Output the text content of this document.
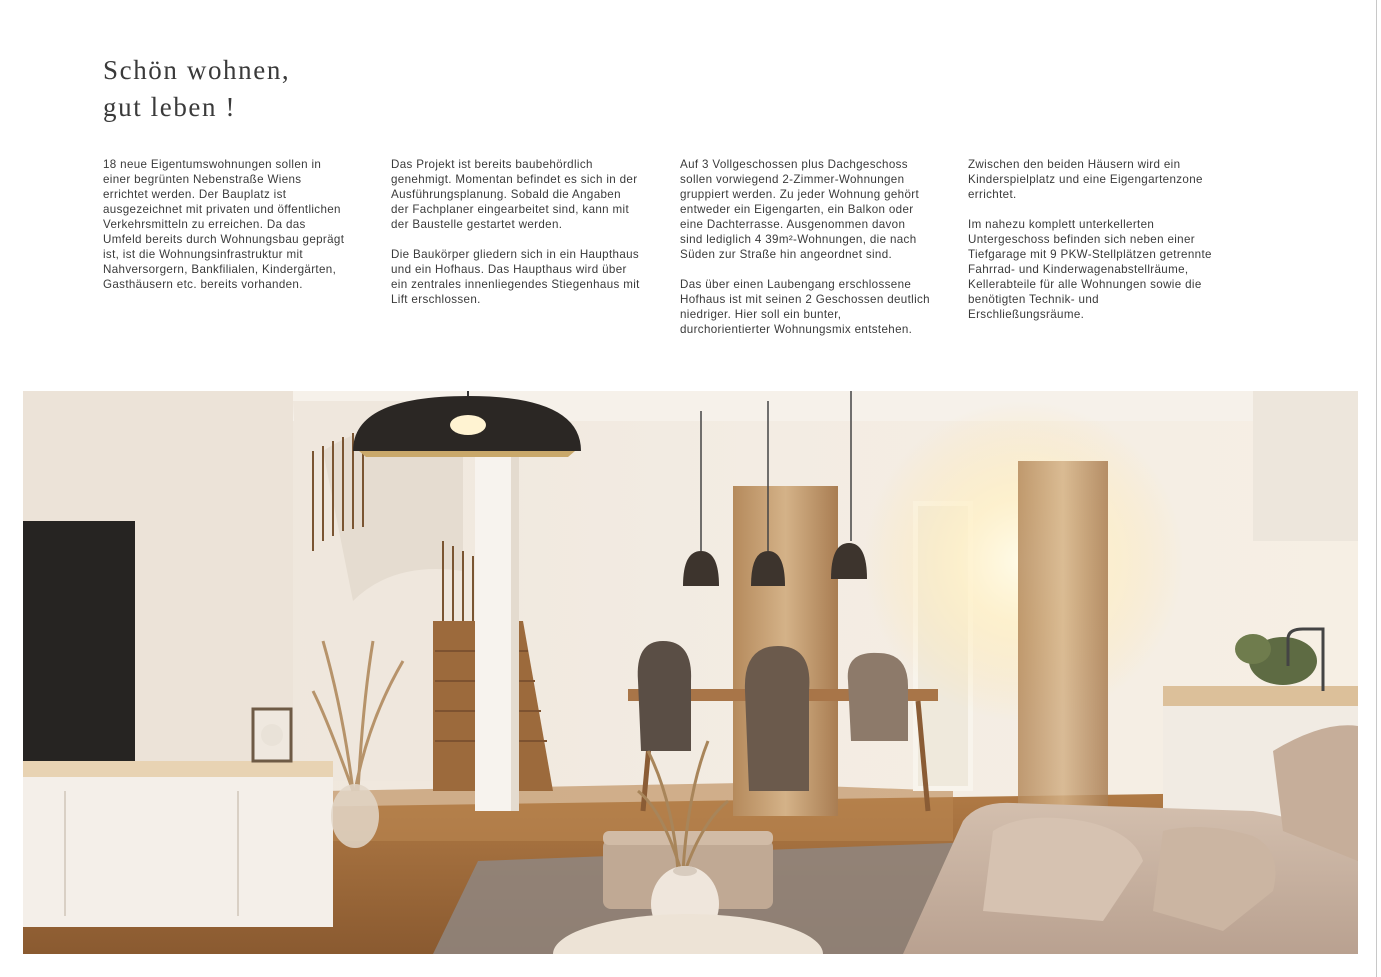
Schön wohnen,
gut leben !

18 neue Eigentumswohnungen sollen in einer begrünten Nebenstraße Wiens errichtet werden. Der Bauplatz ist ausgezeichnet mit privaten und öffentlichen Verkehrsmitteln zu erreichen. Da das Umfeld bereits durch Wohnungsbau geprägt ist, ist die Wohnungsinfrastruktur mit Nahversorgern, Bankfilialen, Kindergärten, Gasthäusern etc. bereits vorhanden.

Das Projekt ist bereits baubehördlich genehmigt. Momentan befindet es sich in der Ausführungsplanung. Sobald die Angaben der Fachplaner eingearbeitet sind, kann mit der Baustelle gestartet werden.

Die Baukörper gliedern sich in ein Haupthaus und ein Hofhaus. Das Haupthaus wird über ein zentrales innenliegendes Stiegenhaus mit Lift erschlossen.

Auf 3 Vollgeschossen plus Dachgeschoss sollen vorwiegend 2-Zimmer-Wohnungen gruppiert werden. Zu jeder Wohnung gehört entweder ein Eigengarten, ein Balkon oder eine Dachterrasse. Ausgenommen davon sind lediglich 4 39m²-Wohnungen, die nach Süden zur Straße hin angeordnet sind.

Das über einen Laubengang erschlossene Hofhaus ist mit seinen 2 Geschossen deutlich niedriger. Hier soll ein bunter, durchorientierter Wohnungsmix entstehen.

Zwischen den beiden Häusern wird ein Kinderspielplatz und eine Eigengartenzone errichtet.

Im nahezu komplett unterkellerten Untergeschoss befinden sich neben einer Tiefgarage mit 9 PKW-Stellplätzen getrennte Fahrrad- und Kinderwagenabstellräume, Kellerabteile für alle Wohnungen sowie die benötigten Technik- und Erschließungsräume.
